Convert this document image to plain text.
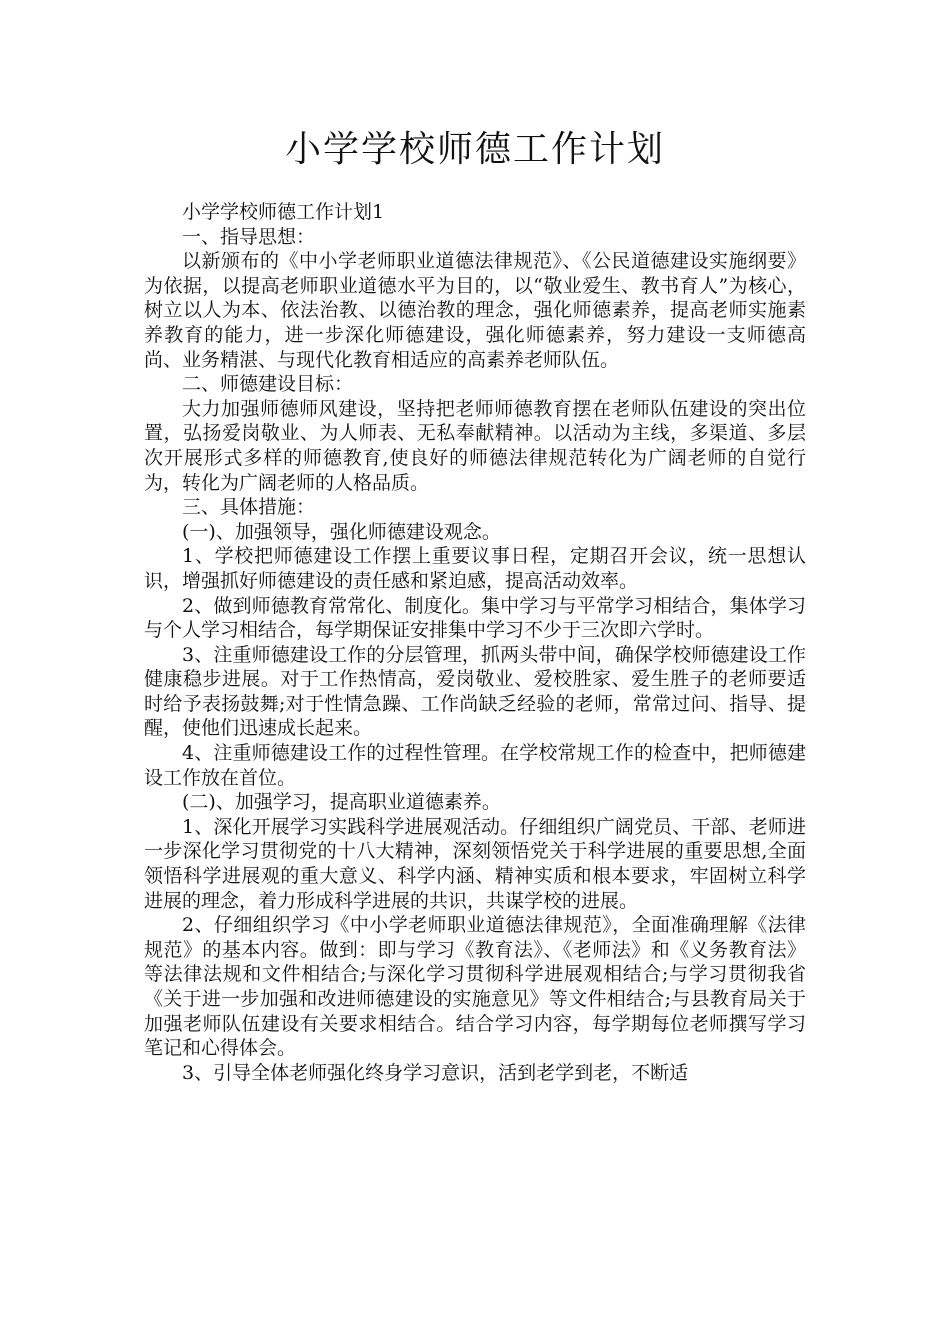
小学学校师德工作计划

小学学校师德工作计划1

一、指导思想：

以新颁布的《中小学老师职业道德法律规范》、《公民道德建设实施纲要》为依据，以提高老师职业道德水平为目的，以“敬业爱生、教书育人”为核心，树立以人为本、依法治教、以德治教的理念，强化师德素养，提高老师实施素养教育的能力，进一步深化师德建设，强化师德素养，努力建设一支师德高尚、业务精湛、与现代化教育相适应的高素养老师队伍。

二、师德建设目标：

大力加强师德师风建设，坚持把老师师德教育摆在老师队伍建设的突出位置，弘扬爱岗敬业、为人师表、无私奉献精神。以活动为主线，多渠道、多层次开展形式多样的师德教育,使良好的师德法律规范转化为广阔老师的自觉行为，转化为广阔老师的人格品质。

三、具体措施：

(一)、加强领导，强化师德建设观念。

1、学校把师德建设工作摆上重要议事日程，定期召开会议，统一思想认识，增强抓好师德建设的责任感和紧迫感，提高活动效率。

2、做到师德教育常常化、制度化。集中学习与平常学习相结合，集体学习与个人学习相结合，每学期保证安排集中学习不少于三次即六学时。

3、注重师德建设工作的分层管理，抓两头带中间，确保学校师德建设工作健康稳步进展。对于工作热情高，爱岗敬业、爱校胜家、爱生胜子的老师要适时给予表扬鼓舞;对于性情急躁、工作尚缺乏经验的老师，常常过问、指导、提醒，使他们迅速成长起来。

4、注重师德建设工作的过程性管理。在学校常规工作的检查中，把师德建设工作放在首位。

(二)、加强学习，提高职业道德素养。

1、深化开展学习实践科学进展观活动。仔细组织广阔党员、干部、老师进一步深化学习贯彻党的十八大精神，深刻领悟党关于科学进展的重要思想,全面领悟科学进展观的重大意义、科学内涵、精神实质和根本要求，牢固树立科学进展的理念，着力形成科学进展的共识，共谋学校的进展。

2、仔细组织学习《中小学老师职业道德法律规范》，全面准确理解《法律规范》的基本内容。做到：即与学习《教育法》、《老师法》和《义务教育法》等法律法规和文件相结合;与深化学习贯彻科学进展观相结合;与学习贯彻我省《关于进一步加强和改进师德建设的实施意见》等文件相结合;与县教育局关于加强老师队伍建设有关要求相结合。结合学习内容，每学期每位老师撰写学习笔记和心得体会。

3、引导全体老师强化终身学习意识，活到老学到老，不断适
